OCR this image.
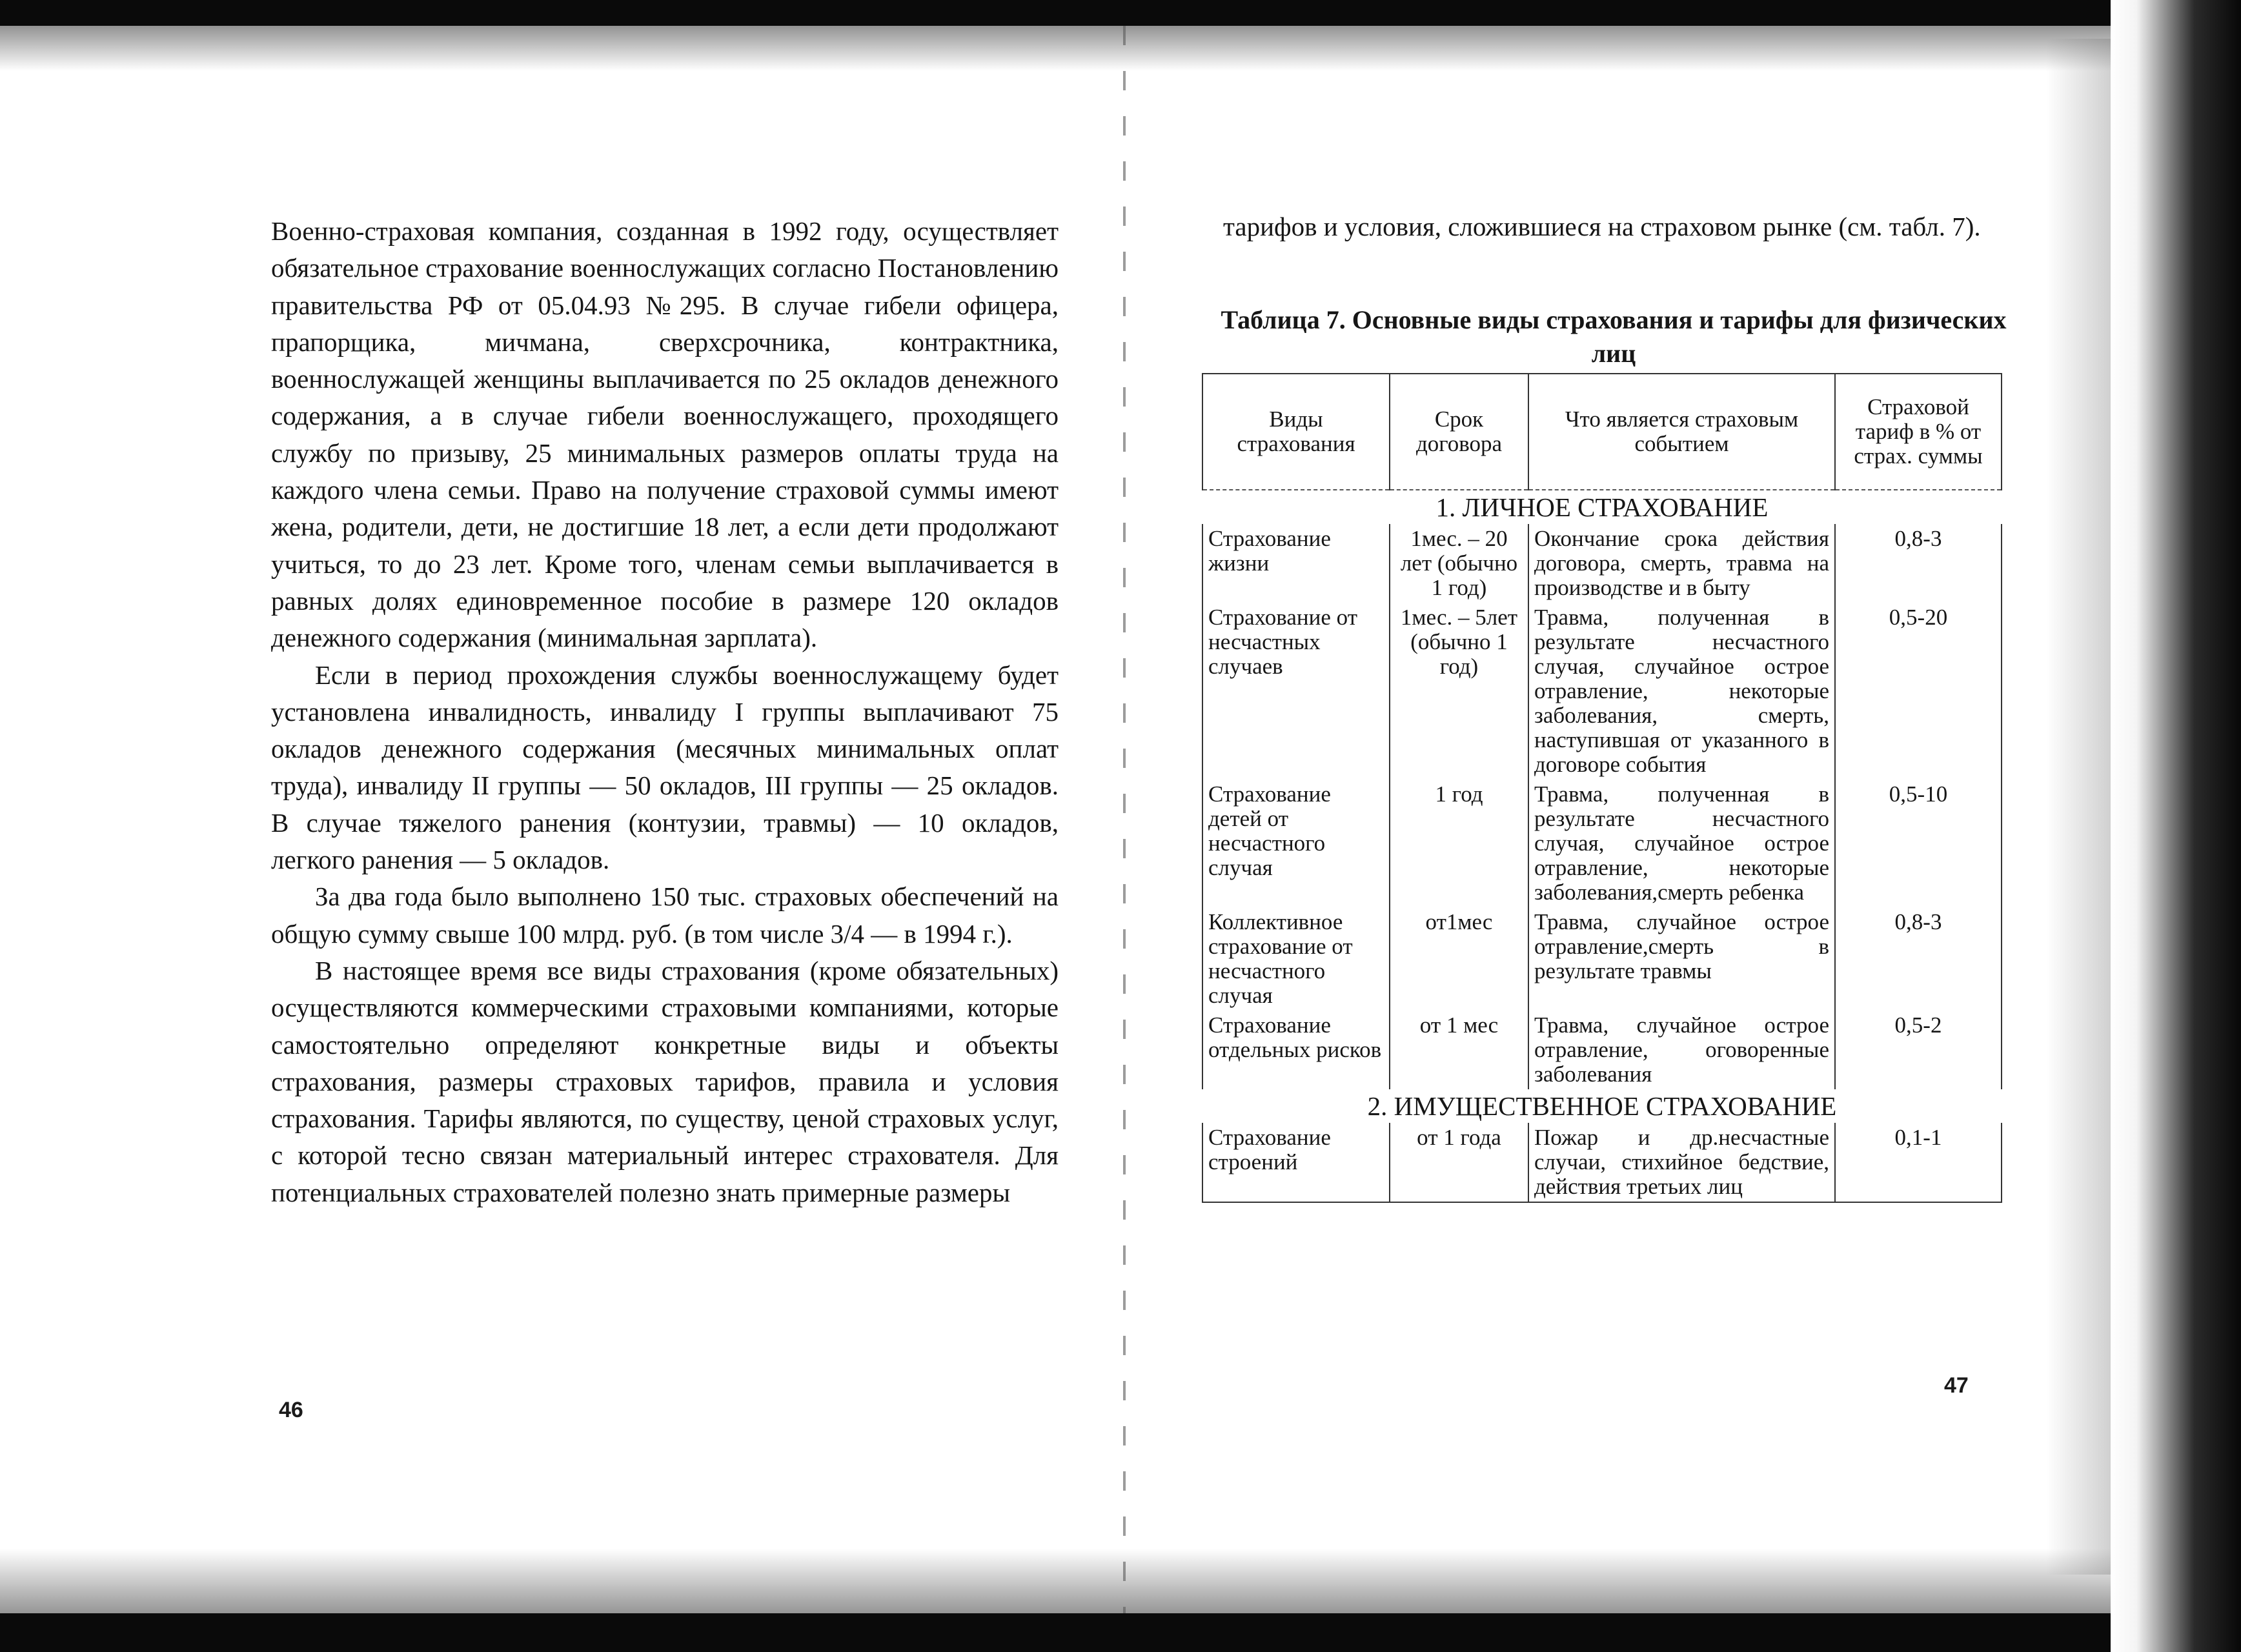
Военно-страховая компания, созданная в 1992 году, осуществляет обязательное страхование военнослужащих согласно Постановлению правительства РФ от 05.04.93 №295. В случае гибели офицера, прапорщика, мичмана, сверхсрочника, контрактника, военнослужащей женщины выплачивается по 25 окладов денежного содержания, а в случае гибели военнослужащего, проходящего службу по призыву, 25 минимальных размеров оплаты труда на каждого члена семьи. Право на получение страховой суммы имеют жена, родители, дети, не достигшие 18 лет, а если дети продолжают учиться, то до 23 лет. Кроме того, членам семьи выплачивается в равных долях единовременное пособие в размере 120 окладов денежного содержания (минимальная зарплата).

Если в период прохождения службы военнослужащему будет установлена инвалидность, инвалиду I группы выплачивают 75 окладов денежного содержания (месячных минимальных оплат труда), инвалиду II группы — 50 окладов, III группы — 25 окладов. В случае тяжелого ранения (контузии, травмы) — 10 окладов, легкого ранения — 5 окладов.

За два года было выполнено 150 тыс. страховых обеспечений на общую сумму свыше 100 млрд. руб. (в том числе 3/4 — в 1994 г.).

В настоящее время все виды страхования (кроме обязательных) осуществляются коммерческими страховыми компаниями, которые самостоятельно определяют конкретные виды и объекты страхования, размеры страховых тарифов, правила и условия страхования. Тарифы являются, по существу, ценой страховых услуг, с которой тесно связан материальный интерес страхователя. Для потенциальных страхователей полезно знать примерные размеры

46

тарифов и условия, сложившиеся на страховом рынке (см. табл. 7).

Таблица 7. Основные виды страхования и тарифы для физических лиц
Виды страхования	Срок договора	Что является страховым событием	Страховой тариф в % от страх. суммы
1. ЛИЧНОЕ СТРАХОВАНИЕ			
Страхование жизни	1мес. – 20 лет (обычно 1 год)	Окончание срока действия договора, смерть, травма на производстве и в быту	0,8-3
Страхование от несчастных случаев	1мес. – 5лет (обычно 1 год)	Травма, полученная в результате несчастного случая, случайное острое отравление, некоторые заболевания, смерть, наступившая от указанного в договоре события	0,5-20
Страхование детей от несчастного случая	1 год	Травма, полученная в результате несчастного случая, случайное острое отравление, некоторые заболевания,смерть ребенка	0,5-10
Коллективное страхование от несчастного случая	от1мес	Травма, случайное острое отравление,смерть в результате травмы	0,8-3
Страхование отдельных рисков	от 1 мес	Травма, случайное острое отравление, оговоренные заболевания	0,5-2
2. ИМУЩЕСТВЕННОЕ СТРАХОВАНИЕ			
Страхование строений	от 1 года	Пожар и др.несчастные случаи, стихийное бедствие, действия третьих лиц	0,1-1
47
